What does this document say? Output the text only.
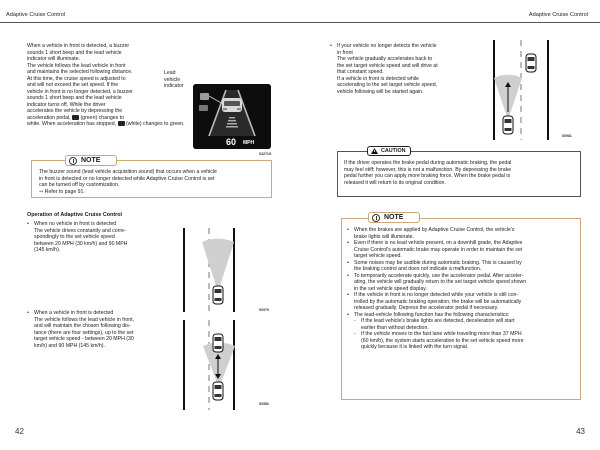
Adaptive Cruise Control

When a vehicle in front is detected, a buzzer

sounds 1 short beep and the lead vehicle

indicator will illuminate.

The vehicle follows the lead vehicle in front

and maintains the selected following distance.

At this time, the cruise speed is adjusted to

and will not exceed the set speed. If the

vehicle in front is no longer detected, a buzzer

sounds 1 short beep and the lead vehicle

indicator turns off. While the driver

accelerates the vehicle by depressing the

acceleration pedal, (green) changes to

white. When acceleration has stopped, (white) changes to green.

Lead vehicle indicator
60 MPH
S4271G

The buzzer sound (lead vehicle acquisition sound) that occurs when a vehicle

in front is detected or no longer detected while Adaptive Cruise Control is set

can be turned off by customization.

⇒ Refer to page 91.

NOTE
Operation of Adaptive Cruise Control
• When no vehicle in front is detected

The vehicle drives constantly and corre-

spondingly to the set vehicle speed

between 20 MPH (30 km/h) and 90 MPH

(145 km/h).

• When a vehicle in front is detected

The vehicle follows the lead vehicle in front,

and will maintain the chosen following dis-

tance (there are four settings), up to the set

target vehicle speed - between 20 MPH (30

km/h) and 90 MPH (145 km/h).

S0979
S0980
42
Adaptive Cruise Control
• If your vehicle no longer detects the vehicle

in front

The vehicle gradually accelerates back to

the set target vehicle speed and will drive at

that constant speed.

If a vehicle in front is detected while

accelerating to the set target vehicle speed,

vehicle following will be started again.

S0981

If the driver operates the brake pedal during automatic braking, the pedal

may feel stiff; however, this is not a malfunction. By depressing the brake

pedal further you can apply more braking force. When the brake pedal is

released it will return to its original condition.

CAUTION
• When the brakes are applied by Adaptive Cruise Control, the vehicle's

brake lights will illuminate.

• Even if there is no lead vehicle present, on a downhill grade, the Adaptive

Cruise Control's automatic brake may operate in order to maintain the set

target vehicle speed.

• Some noises may be audible during automatic braking. This is caused by

the braking control and does not indicate a malfunction.

• To temporarily accelerate quickly, use the accelerator pedal. After acceler-

ating, the vehicle will gradually return to the set target vehicle speed shown

in the set vehicle speed display.

• If the vehicle in front is no longer detected while your vehicle is still con-

trolled by the automatic braking operation, the brake will be automatically

released gradually. Depress the accelerator pedal if necessary.

• The lead-vehicle following function has the following characteristics:

-	If the lead vehicle's brake lights are detected, deceleration will start

earlier than without detection.

-	If the vehicle moves to the fast lane while traveling more than 37 MPH

(60 km/h), the system starts acceleration to the set vehicle speed more

quickly because it is linked with the turn signal.

NOTE
43
